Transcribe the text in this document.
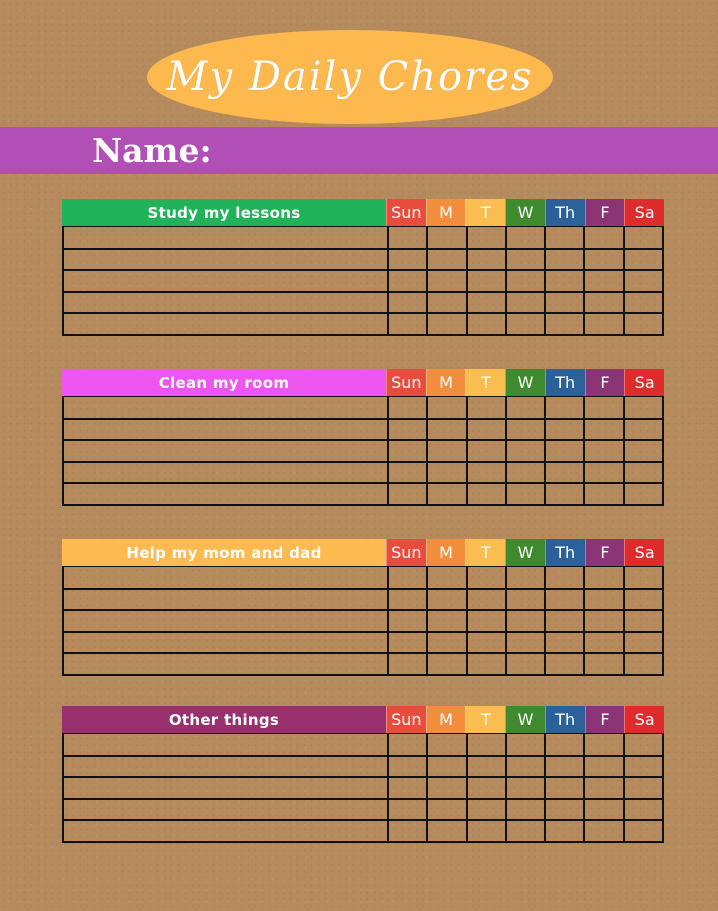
My Daily Chores
Name:
Study my lessons	Sun	M	T	W	Th	F	Sa
Clean my room	Sun	M	T	W	Th	F	Sa
Help my mom and dad	Sun	M	T	W	Th	F	Sa
Other things	Sun	M	T	W	Th	F	Sa
